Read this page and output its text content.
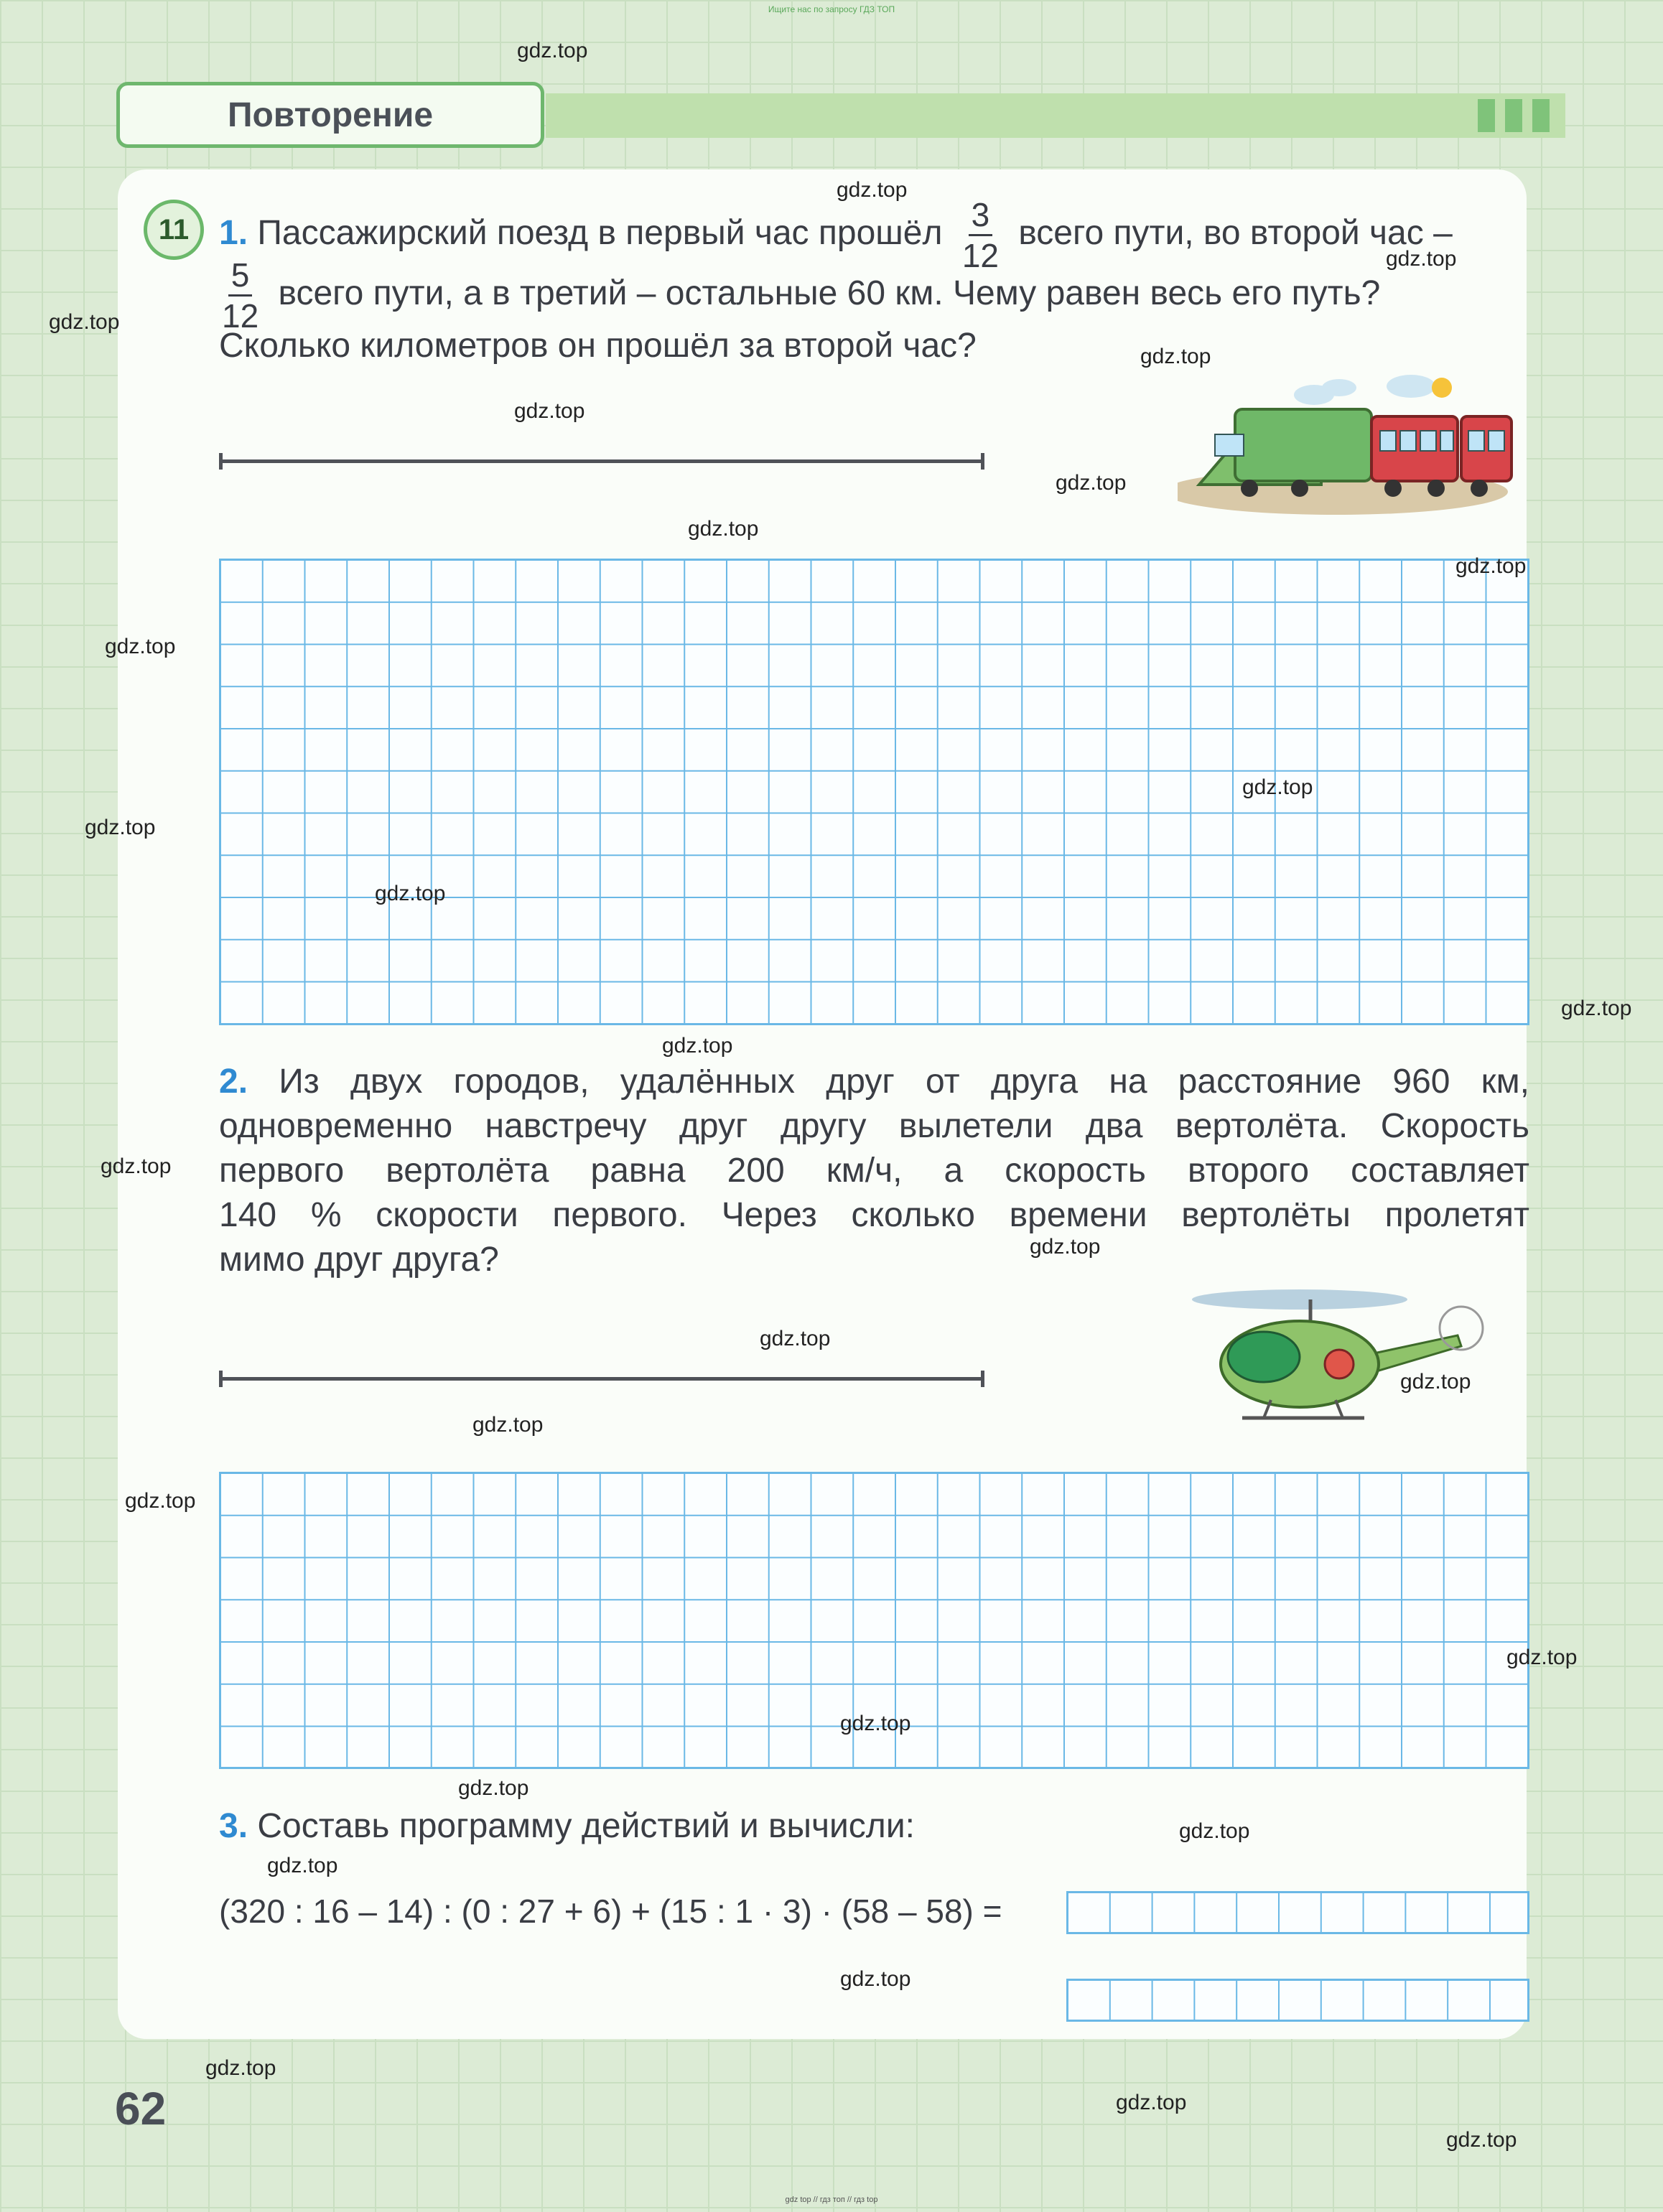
Ищите нас по запросу ГДЗ ТОП
Повторение
11 1. Пассажирский поезд в первый час прошёл $\frac{3}{12}$ всего пути, во второй час –
$\frac{5}{12}$ всего пути, а в третий – остальные 60 км. Чему равен весь его путь?
Сколько километров он прошёл за второй час?
2. Из двух городов, удалённых друг от друга на расстояние 960 км,
одновременно навстречу друг другу вылетели два вертолёта. Скорость
первого вертолёта равна 200 км/ч, а скорость второго составляет
140 % скорости первого. Через сколько времени вертолёты пролетят
мимо друг друга?
3. Составь программу действий и вычисли:
(320 : 16 – 14) : (0 : 27 + 6) + (15 : 1 · 3) · (58 – 58) =
62
gdz.top
gdz.top
gdz.top
gdz.top
gdz.top
gdz.top
gdz.top
gdz.top
gdz.top
gdz.top
gdz.top
gdz.top
gdz.top
gdz.top
gdz.top
gdz.top
gdz.top
gdz.top
gdz.top
gdz.top
gdz.top
gdz.top
gdz.top
gdz.top
gdz.top
gdz.top
gdz.top
gdz.top
gdz.top
gdz.top
gdz top // гдз топ // гдз top
